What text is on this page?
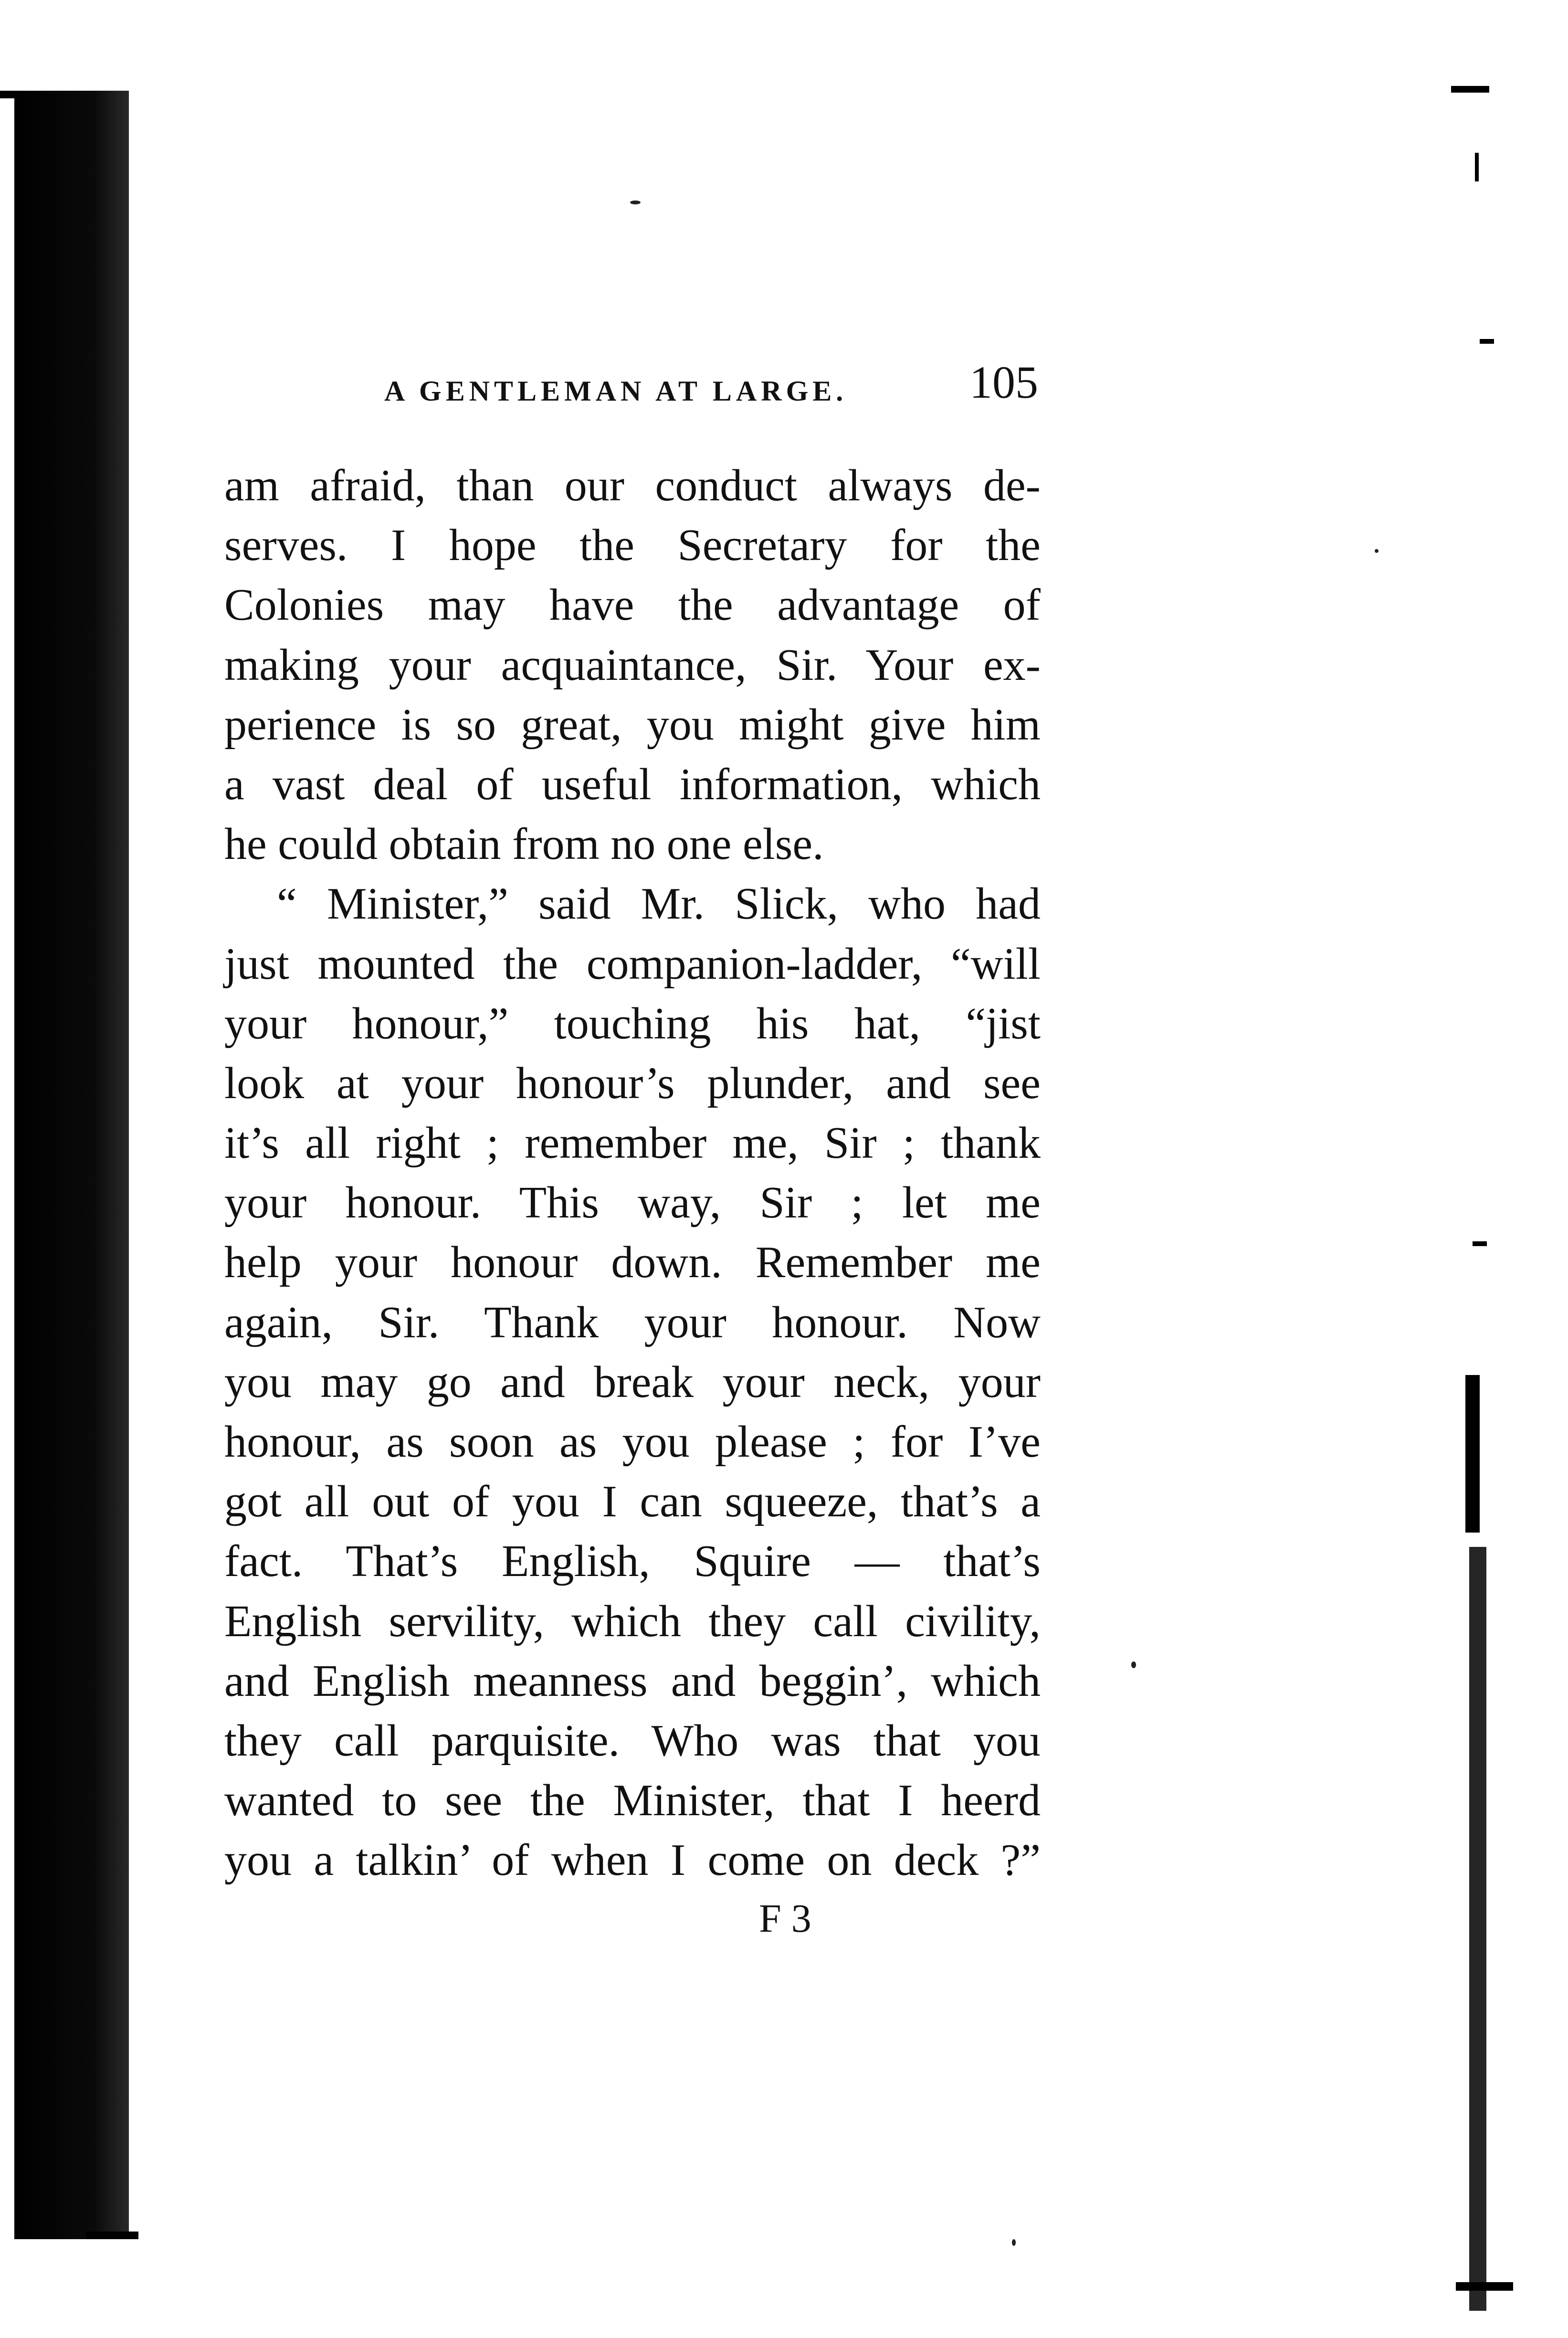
A GENTLEMAN AT LARGE.	105
am afraid, than our conduct always de-
serves. I hope the Secretary for the
Colonies may have the advantage of
making your acquaintance, Sir. Your ex-
perience is so great, you might give him
a vast deal of useful information, which
he could obtain from no one else.
“ Minister,” said Mr. Slick, who had
just mounted the companion-ladder, “will
your honour,” touching his hat, “jist
look at your honour’s plunder, and see
it’s all right ; remember me, Sir ; thank
your honour. This way, Sir ; let me
help your honour down. Remember me
again, Sir. Thank your honour. Now
you may go and break your neck, your
honour, as soon as you please ; for I’ve
got all out of you I can squeeze, that’s a
fact. That’s English, Squire — that’s
English servility, which they call civility,
and English meanness and beggin’, which
they call parquisite. Who was that you
wanted to see the Minister, that I heerd
you a talkin’ of when I come on deck ?”
F 3
